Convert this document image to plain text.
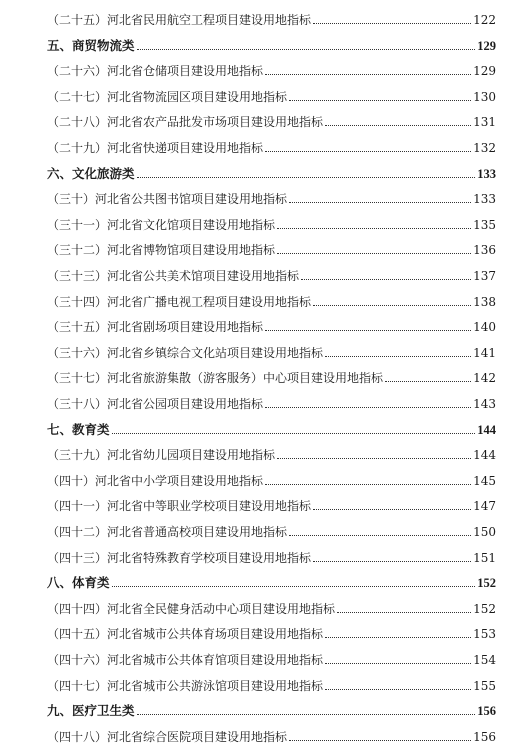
（二十五）河北省民用航空工程项目建设用地指标	122
五、商贸物流类	129
（二十六）河北省仓储项目建设用地指标	129
（二十七）河北省物流园区项目建设用地指标	130
（二十八）河北省农产品批发市场项目建设用地指标	131
（二十九）河北省快递项目建设用地指标	132
六、文化旅游类	133
（三十）河北省公共图书馆项目建设用地指标	133
（三十一）河北省文化馆项目建设用地指标	135
（三十二）河北省博物馆项目建设用地指标	136
（三十三）河北省公共美术馆项目建设用地指标	137
（三十四）河北省广播电视工程项目建设用地指标	138
（三十五）河北省剧场项目建设用地指标	140
（三十六）河北省乡镇综合文化站项目建设用地指标	141
（三十七）河北省旅游集散（游客服务）中心项目建设用地指标	142
（三十八）河北省公园项目建设用地指标	143
七、教育类	144
（三十九）河北省幼儿园项目建设用地指标	144
（四十）河北省中小学项目建设用地指标	145
（四十一）河北省中等职业学校项目建设用地指标	147
（四十二）河北省普通高校项目建设用地指标	150
（四十三）河北省特殊教育学校项目建设用地指标	151
八、体育类	152
（四十四）河北省全民健身活动中心项目建设用地指标	152
（四十五）河北省城市公共体育场项目建设用地指标	153
（四十六）河北省城市公共体育馆项目建设用地指标	154
（四十七）河北省城市公共游泳馆项目建设用地指标	155
九、医疗卫生类	156
（四十八）河北省综合医院项目建设用地指标	156
